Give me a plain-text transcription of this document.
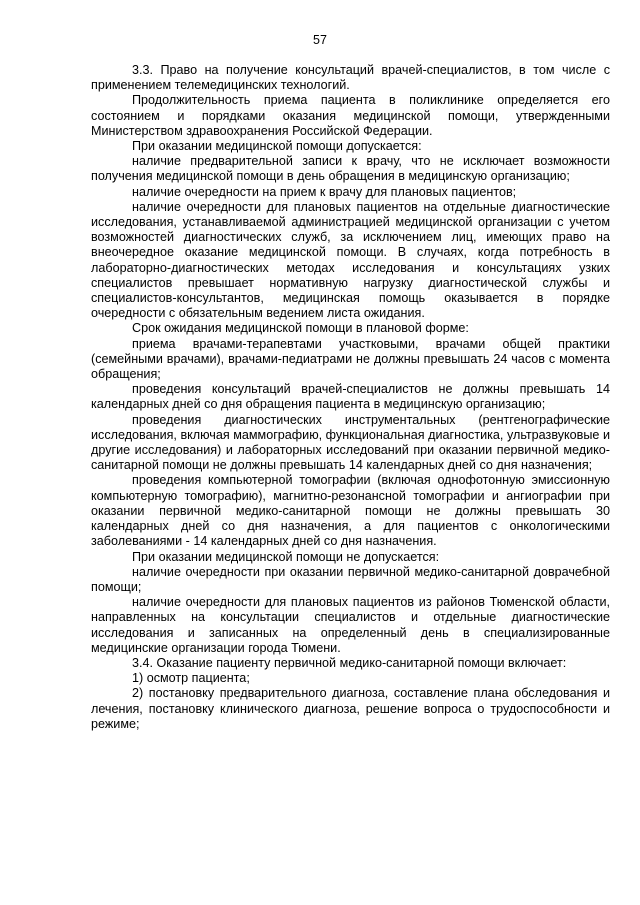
57

3.3. Право на получение консультаций врачей-специалистов, в том числе с применением телемедицинских технологий.

Продолжительность приема пациента в поликлинике определяется его состоянием и порядками оказания медицинской помощи, утвержденными Министерством здравоохранения Российской Федерации.

При оказании медицинской помощи допускается:

наличие предварительной записи к врачу, что не исключает возможности получения медицинской помощи в день обращения в медицинскую организацию;

наличие очередности на прием к врачу для плановых пациентов;

наличие очередности для плановых пациентов на отдельные диагностические исследования, устанавливаемой администрацией медицинской организации с учетом возможностей диагностических служб, за исключением лиц, имеющих право на внеочередное оказание медицинской помощи. В случаях, когда потребность в лабораторно-диагностических методах исследования и консультациях узких специалистов превышает нормативную нагрузку диагностической службы и специалистов-консультантов, медицинская помощь оказывается в порядке очередности с обязательным ведением листа ожидания.

Срок ожидания медицинской помощи в плановой форме:

приема врачами-терапевтами участковыми, врачами общей практики (семейными врачами), врачами-педиатрами не должны превышать 24 часов с момента обращения;

проведения консультаций врачей-специалистов не должны превышать 14 календарных дней со дня обращения пациента в медицинскую организацию;

проведения диагностических инструментальных (рентгенографические исследования, включая маммографию, функциональная диагностика, ультразвуковые и другие исследования) и лабораторных исследований при оказании первичной медико-санитарной помощи не должны превышать 14 календарных дней со дня назначения;

проведения компьютерной томографии (включая однофотонную эмиссионную компьютерную томографию), магнитно-резонансной томографии и ангиографии при оказании первичной медико-санитарной помощи не должны превышать 30 календарных дней со дня назначения, а для пациентов с онкологическими заболеваниями - 14 календарных дней со дня назначения.

При оказании медицинской помощи не допускается:

наличие очередности при оказании первичной медико-санитарной доврачебной помощи;

наличие очередности для плановых пациентов из районов Тюменской области, направленных на консультации специалистов и отдельные диагностические исследования и записанных на определенный день в специализированные медицинские организации города Тюмени.

3.4. Оказание пациенту первичной медико-санитарной помощи включает:

1) осмотр пациента;

2) постановку предварительного диагноза, составление плана обследования и лечения, постановку клинического диагноза, решение вопроса о трудоспособности и режиме;
